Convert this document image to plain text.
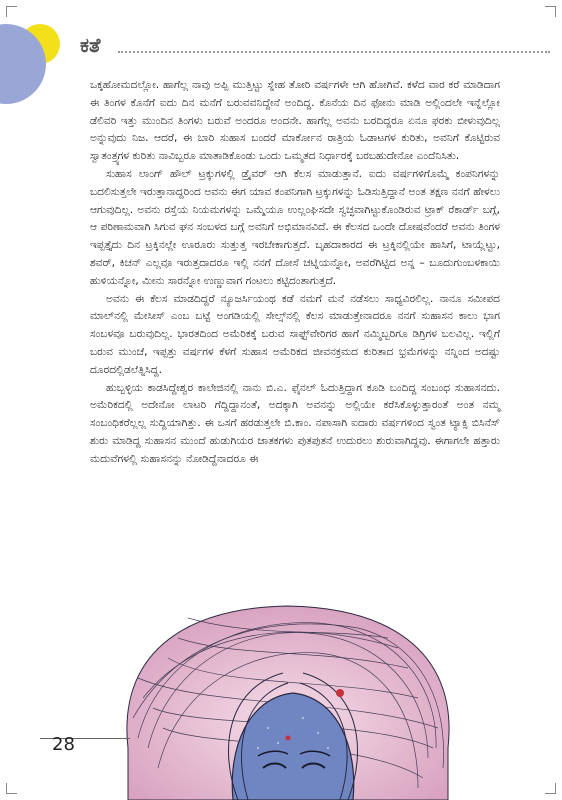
ಕತೆ

ಒಕ್ಕಹೋಮದಲ್ಲೋ. ಹಾಗೆಲ್ಲ ನಾವು ಅಪ್ಪಿ ಮುತ್ತಿಟ್ಟು ಸ್ನೇಹ ತೋರಿ ವರ್ಷಗಳೇ ಆಗಿ ಹೋಗಿವೆ. ಕಳೆದ ವಾರ ಕರೆ ಮಾಡಿದಾಗ ಈ ತಿಂಗಳ ಕೊನೆಗೆ ಐದು ದಿನ ಮನೆಗೆ ಬರುವವನಿದ್ದೇನೆ ಅಂದಿದ್ದ. ಕೊನೆಯ ದಿನ ಫೋನು ಮಾಡಿ ಅಲ್ಲಿಂದಲೇ ಇನ್ನೆಲ್ಲೋ ಡೆಲಿವರಿ ಇತ್ತು ಮುಂದಿನ ತಿಂಗಳು ಬರುವೆ ಅಂದರೂ ಅಂದನೇ. ಹಾಗೆಲ್ಲ ಅವನು ಬರದಿದ್ದರೂ ಏನೂ ಫರಕು ಬೀಳುವುದಿಲ್ಲ ಅನ್ನುವುದು ನಿಜ. ಆದರೆ, ಈ ಬಾರಿ ಸುಹಾಸ ಬಂದರೆ ಮಾರ್ಕೋನ ರಾತ್ರಿಯ ಓಡಾಟಗಳ ಕುರಿತು, ಅವನಿಗೆ ಕೊಟ್ಟಿರುವ ಸ್ವಾತಂತ್ರ್ಯಗಳ ಕುರಿತು ನಾವಿಬ್ಬರೂ ಮಾತಾಡಿಕೊಂಡು ಒಂದು ಒಮ್ಮತದ ನಿರ್ಧಾರಕ್ಕೆ ಬರಬಹುದೇನೋ ಎಂದೆನಿಸಿತು.

ಸುಹಾಸ ಲಾಂಗ್ ಹೌಲ್ ಟ್ರಕ್ಕುಗಳಲ್ಲಿ ಡ್ರೈವರ್ ಆಗಿ ಕೆಲಸ ಮಾಡುತ್ತಾನೆ. ಐದು ವರ್ಷಗಳಿಗೊಮ್ಮೆ ಕಂಪನಿಗಳನ್ನು ಬದಲಿಸುತ್ತಲೇ ಇರುತ್ತಾನಾದ್ದರಿಂದ ಅವನು ಈಗ ಯಾವ ಕಂಪನಿಗಾಗಿ ಟ್ರಕ್ಕುಗಳನ್ನು ಓಡಿಸುತ್ತಿದ್ದಾನೆ ಅಂತ ತಕ್ಷಣ ನನಗೆ ಹೇಳಲು ಆಗುವುದಿಲ್ಲ. ಅವನು ರಸ್ತೆಯ ನಿಯಮಗಳನ್ನು ಒಮ್ಮೆಯೂ ಉಲ್ಲಂಘಿಸದೇ ಸ್ವಚ್ಛವಾಗಿಟ್ಟುಕೊಂಡಿರುವ ಟ್ರಾಕ್ ರೆಕಾರ್ಡ್ ಬಗ್ಗೆ, ಆ ಪರಿಣಾಮವಾಗಿ ಸಿಗುವ ಘನ ಸಂಬಳದ ಬಗ್ಗೆ ಅವನಿಗೆ ಅಭಿಮಾನವಿದೆ. ಈ ಕೆಲಸದ ಒಂದೇ ದೋಷವೆಂದರೆ ಅವನು ತಿಂಗಳ ಇಪ್ಪತ್ತೈದು ದಿನ ಟ್ರಕ್ಕಿನಲ್ಲೇ ಊರೂರು ಸುತ್ತುತ್ತ ಇರಬೇಕಾಗುತ್ತದೆ. ಬೃಹದಾಕಾರದ ಈ ಟ್ರಕ್ಕಿನಲ್ಲಿಯೇ ಹಾಸಿಗೆ, ಟಾಯ್ಲೆಟ್ಟು, ಶವರ್, ಕಿಚನ್ ಎಲ್ಲವೂ ಇರುತ್ತದಾದರೂ ಇಲ್ಲಿ ನನಗೆ ದೋಸೆ ಚಟ್ನಿಯನ್ನೋ, ಅವರೆಗಿಟ್ಟಿದ ಅನ್ನ – ಬೂದುಗುಂಬಳಕಾಯಿ ಹುಳಿಯನ್ನೋ, ಮೀನು ಸಾರನ್ನೋ ಉಣ್ಣುವಾಗ ಗಂಟಲು ಕಟ್ಟಿದಂತಾಗುತ್ತದೆ.

ಅವನು ಈ ಕೆಲಸ ಮಾಡದಿದ್ದರೆ ನ್ಯೂಜರ್ಸಿಯಂಥ ಕಡೆ ನಮಗೆ ಮನೆ ನಡೆಸಲು ಸಾಧ್ಯವಿರಲಿಲ್ಲ. ನಾನೂ ಸಮೀಪದ ಮಾಲ್‌ನಲ್ಲಿ ಮೇಸೀಸ್ ಎಂಬ ಬಟ್ಟೆ ಅಂಗಡಿಯಲ್ಲಿ ಸೇಲ್ಸ್‌ನಲ್ಲಿ ಕೆಲಸ ಮಾಡುತ್ತೇನಾದರೂ ನನಗೆ ಸುಹಾಸನ ಕಾಲು ಭಾಗ ಸಂಬಳವೂ ಬರುವುದಿಲ್ಲ. ಭಾರತದಿಂದ ಅಮೆರಿಕಕ್ಕೆ ಬರುವ ಸಾಫ್ಟ್‌ವೇರಿಗರ ಹಾಗೆ ನಮ್ಮಿಬ್ಬರಿಗೂ ಡಿಗ್ರಿಗಳ ಬಲವಿಲ್ಲ. ಇಲ್ಲಿಗೆ ಬರುವ ಮುಂಚೆ, ಇಪ್ಪತ್ತು ವರ್ಷಗಳ ಕೆಳಗೆ ಸುಹಾಸ ಅಮೆರಿಕದ ಜೀವನಕ್ರಮದ ಕುರಿತಾದ ಭ್ರಮೆಗಳನ್ನು ನನ್ನಿಂದ ಅದಷ್ಟು ದೂರದಲ್ಲಿಡಲೆತ್ನಿಸಿದ್ದ.

ಹುಬ್ಬಳ್ಳಿಯ ಕಾಡಸಿದ್ದೇಶ್ವರ ಕಾಲೇಜಿನಲ್ಲಿ ನಾನು ಬಿ.ಎ. ಫೈನಲ್ ಓದುತ್ತಿದ್ದಾಗ ಕೂಡಿ ಬಂದಿದ್ದ ಸಂಬಂಧ ಸುಹಾಸನದು. ಅಮೆರಿಕದಲ್ಲಿ ಅದೇನೋ ಲಾಟರಿ ಗೆದ್ದಿದ್ದಾನಂತೆ, ಅದಕ್ಕಾಗಿ ಅವನನ್ನು ಅಲ್ಲಿಯೇ ಕರೆಸಿಕೊಳ್ಳುತ್ತಾರಂತೆ ಅಂತ ನಮ್ಮ ಸಂಬಂಧಿಕರೆಲ್ಲಲ್ಲ ಸುದ್ದಿಯಾಗಿತ್ತು. ಈ ಒಸಗೆ ಹರಡುತ್ತಲೇ ಬಿ.ಕಾಂ. ನಪಾಸಾಗಿ ಐದಾರು ವರ್ಷಗಳಿಂದ ಸ್ವಂತ ಟ್ಯಾಕ್ಸಿ ಬಿಸಿನೆಸ್ ಶುರು ಮಾಡಿದ್ದ ಸುಹಾಸನ ಮುಂದೆ ಹುಡುಗಿಯರ ಜಾತಕಗಳು ಪುತಪುತನೆ ಉದುರಲು ಶುರುವಾಗಿದ್ದವು. ಈಗಾಗಲೇ ಹತ್ತಾರು ಮದುವೆಗಳಲ್ಲಿ ಸುಹಾಸನನ್ನು ನೋಡಿದ್ದೆನಾದರೂ ಈ

28
